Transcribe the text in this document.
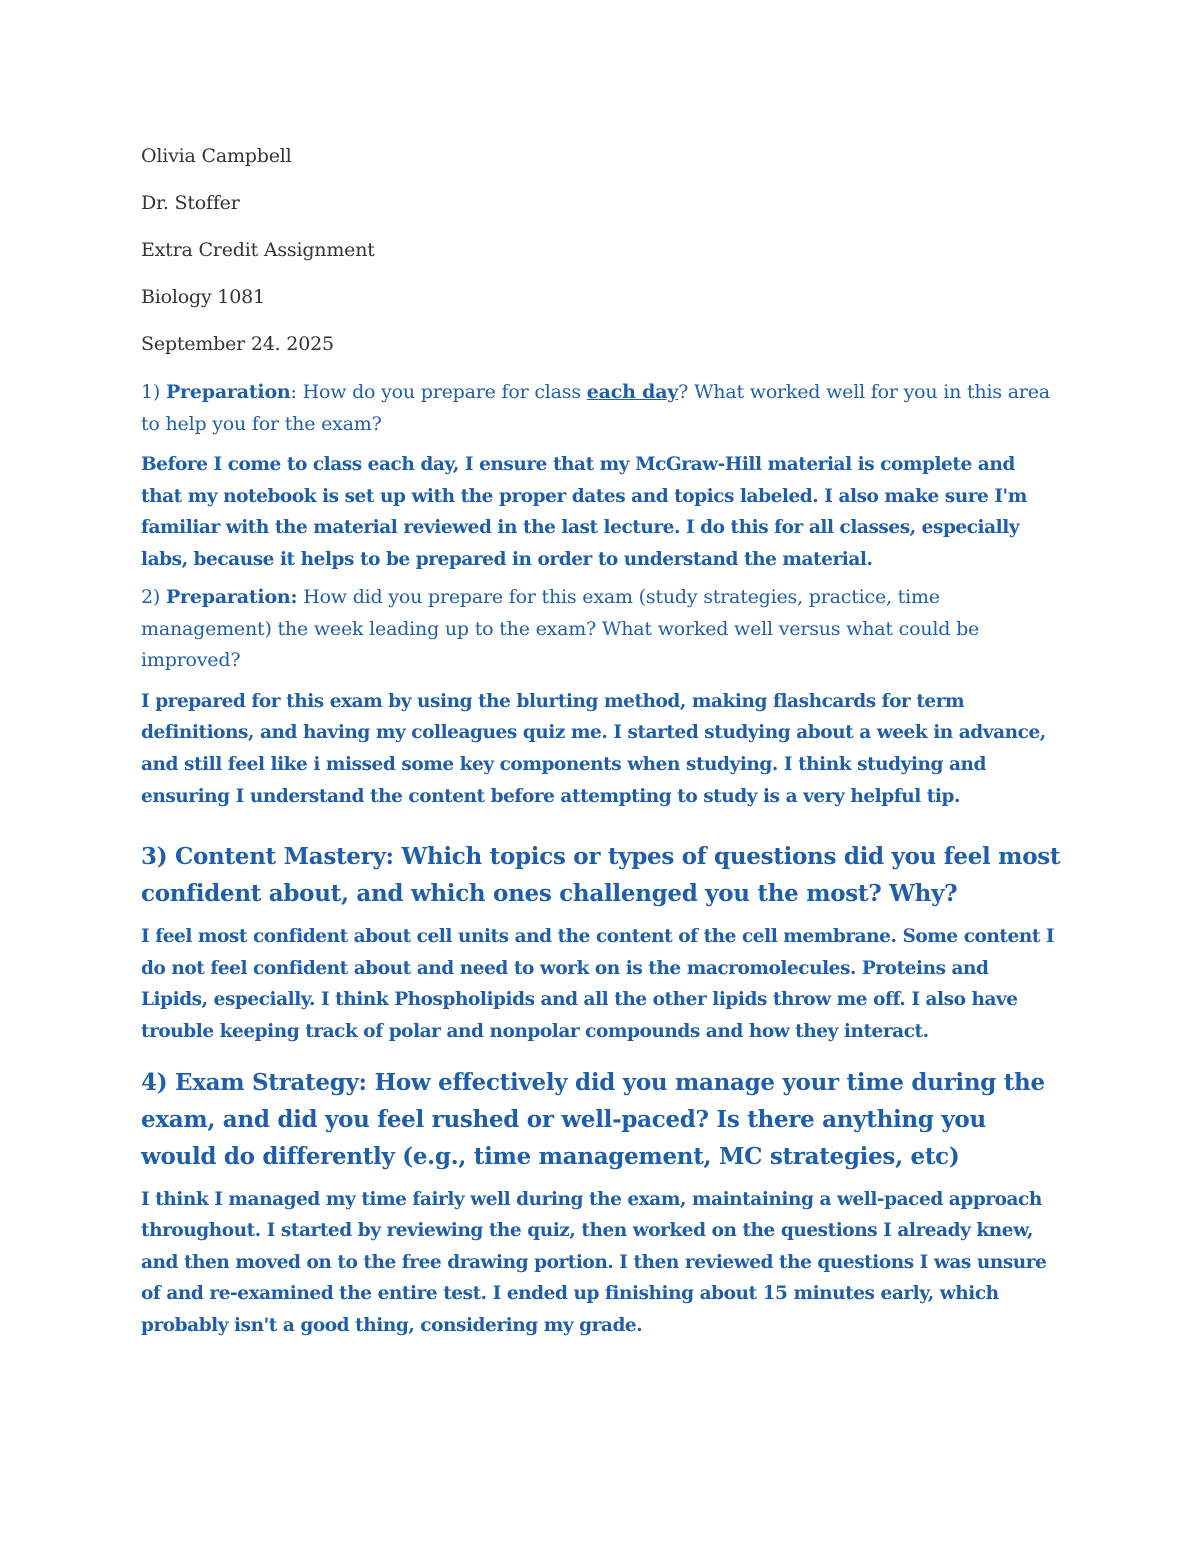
Olivia Campbell

Dr. Stoffer

Extra Credit Assignment

Biology 1081

September 24. 2025

1) Preparation: How do you prepare for class each day? What worked well for you in this area to help you for the exam?

Before I come to class each day, I ensure that my McGraw-Hill material is complete and that my notebook is set up with the proper dates and topics labeled. I also make sure I'm familiar with the material reviewed in the last lecture. I do this for all classes, especially labs, because it helps to be prepared in order to understand the material.

2) Preparation: How did you prepare for this exam (study strategies, practice, time management) the week leading up to the exam? What worked well versus what could be improved?

I prepared for this exam by using the blurting method, making flashcards for term definitions, and having my colleagues quiz me. I started studying about a week in advance, and still feel like i missed some key components when studying. I think studying and ensuring I understand the content before attempting to study is a very helpful tip.

3) Content Mastery: Which topics or types of questions did you feel most confident about, and which ones challenged you the most? Why?

I feel most confident about cell units and the content of the cell membrane. Some content I do not feel confident about and need to work on is the macromolecules. Proteins and Lipids, especially. I think Phospholipids and all the other lipids throw me off. I also have trouble keeping track of polar and nonpolar compounds and how they interact.

4) Exam Strategy: How effectively did you manage your time during the exam, and did you feel rushed or well-paced? Is there anything you would do differently (e.g., time management, MC strategies, etc)

I think I managed my time fairly well during the exam, maintaining a well-paced approach throughout. I started by reviewing the quiz, then worked on the questions I already knew, and then moved on to the free drawing portion. I then reviewed the questions I was unsure of and re-examined the entire test. I ended up finishing about 15 minutes early, which probably isn't a good thing, considering my grade.
